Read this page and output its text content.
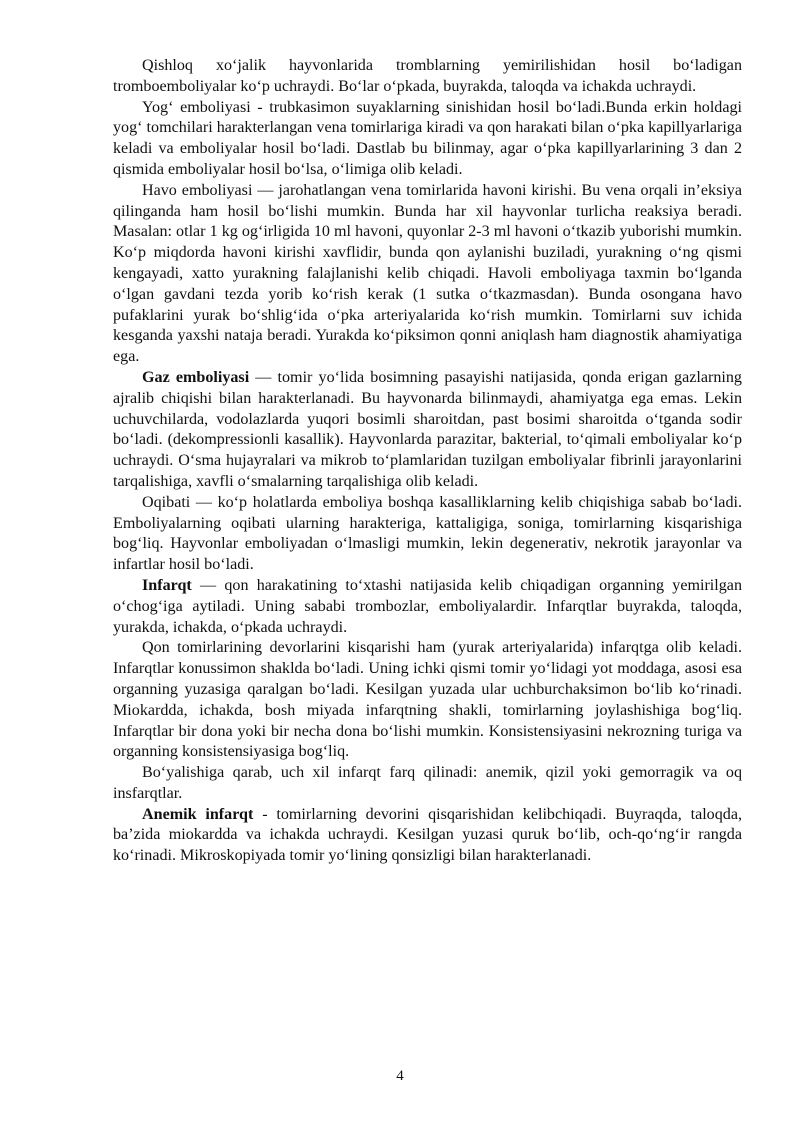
Qishloq xo‘jalik hayvonlarida tromblarning yemirilishidan hosil bo‘ladigan tromboemboliyalar ko‘p uchraydi. Bo‘lar o‘pkada, buyrakda, taloqda va ichakda uchraydi.

Yog‘ emboliyasi - trubkasimon suyaklarning sinishidan hosil bo‘ladi.Bunda erkin holdagi yog‘ tomchilari harakterlangan vena tomirlariga kiradi va qon harakati bilan o‘pka kapillyarlariga keladi va emboliyalar hosil bo‘ladi. Dastlab bu bilinmay, agar o‘pka kapillyarlarining 3 dan 2 qismida emboliyalar hosil bo‘lsa, o‘limiga olib keladi.

Havo emboliyasi — jarohatlangan vena tomirlarida havoni kirishi. Bu vena orqali in’eksiya qilinganda ham hosil bo‘lishi mumkin. Bunda har xil hayvonlar turlicha reaksiya beradi. Masalan: otlar 1 kg og‘irligida 10 ml havoni, quyonlar 2-3 ml havoni o‘tkazib yuborishi mumkin. Ko‘p miqdorda havoni kirishi xavflidir, bunda qon aylanishi buziladi, yurakning o‘ng qismi kengayadi, xatto yurakning falajlanishi kelib chiqadi. Havoli emboliyaga taxmin bo‘lganda o‘lgan gavdani tezda yorib ko‘rish kerak (1 sutka o‘tkazmasdan). Bunda osongana havo pufaklarini yurak bo‘shlig‘ida o‘pka arteriyalarida ko‘rish mumkin. Tomirlarni suv ichida kesganda yaxshi nataja beradi. Yurakda ko‘piksimon qonni aniqlash ham diagnostik ahamiyatiga ega.

Gaz emboliyasi — tomir yo‘lida bosimning pasayishi natijasida, qonda erigan gazlarning ajralib chiqishi bilan harakterlanadi. Bu hayvonarda bilinmaydi, ahamiyatga ega emas. Lekin uchuvchilarda, vodolazlarda yuqori bosimli sharoitdan, past bosimi sharoitda o‘tganda sodir bo‘ladi. (dekompressionli kasallik). Hayvonlarda parazitar, bakterial, to‘qimali emboliyalar ko‘p uchraydi. O‘sma hujayralari va mikrob to‘plamlaridan tuzilgan emboliyalar fibrinli jarayonlarini tarqalishiga, xavfli o‘smalarning tarqalishiga olib keladi.

Oqibati — ko‘p holatlarda emboliya boshqa kasalliklarning kelib chiqishiga sabab bo‘ladi. Emboliyalarning oqibati ularning harakteriga, kattaligiga, soniga, tomirlarning kisqarishiga bog‘liq. Hayvonlar emboliyadan o‘lmasligi mumkin, lekin degenerativ, nekrotik jarayonlar va infartlar hosil bo‘ladi.

Infarqt — qon harakatining to‘xtashi natijasida kelib chiqadigan organning yemirilgan o‘chog‘iga aytiladi. Uning sababi trombozlar, emboliyalardir. Infarqtlar buyrakda, taloqda, yurakda, ichakda, o‘pkada uchraydi.

Qon tomirlarining devorlarini kisqarishi ham (yurak arteriyalarida) infarqtga olib keladi. Infarqtlar konussimon shaklda bo‘ladi. Uning ichki qismi tomir yo‘lidagi yot moddaga, asosi esa organning yuzasiga qaralgan bo‘ladi. Kesilgan yuzada ular uchburchaksimon bo‘lib ko‘rinadi. Miokardda, ichakda, bosh miyada infarqtning shakli, tomirlarning joylashishiga bog‘liq. Infarqtlar bir dona yoki bir necha dona bo‘lishi mumkin. Konsistensiyasini nekrozning turiga va organning konsistensiyasiga bog‘liq.

Bo‘yalishiga qarab, uch xil infarqt farq qilinadi: anemik, qizil yoki gemorragik va oq insfarqtlar.

Anemik infarqt - tomirlarning devorini qisqarishidan kelibchiqadi. Buyraqda, taloqda, ba’zida miokardda va ichakda uchraydi. Kesilgan yuzasi quruk bo‘lib, och-qo‘ng‘ir rangda ko‘rinadi. Mikroskopiyada tomir yo‘lining qonsizligi bilan harakterlanadi.

4
